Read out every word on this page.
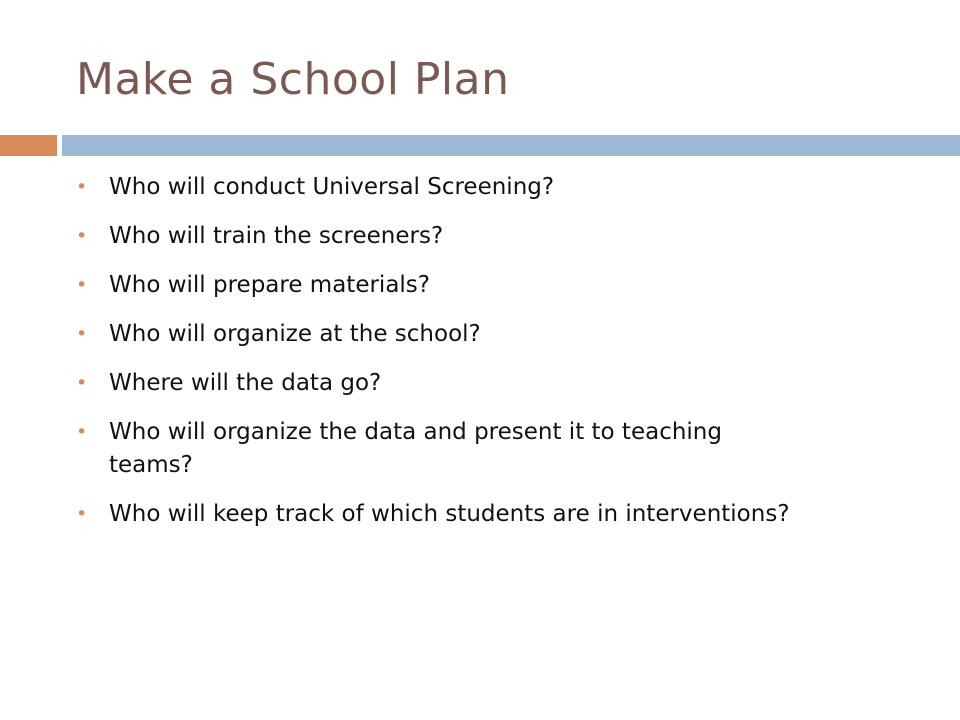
Make a School Plan
• Who will conduct Universal Screening?
• Who will train the screeners?
• Who will prepare materials?
• Who will organize at the school?
• Where will the data go?
• Who will organize the data and present it to teaching teams?
• Who will keep track of which students are in interventions?
